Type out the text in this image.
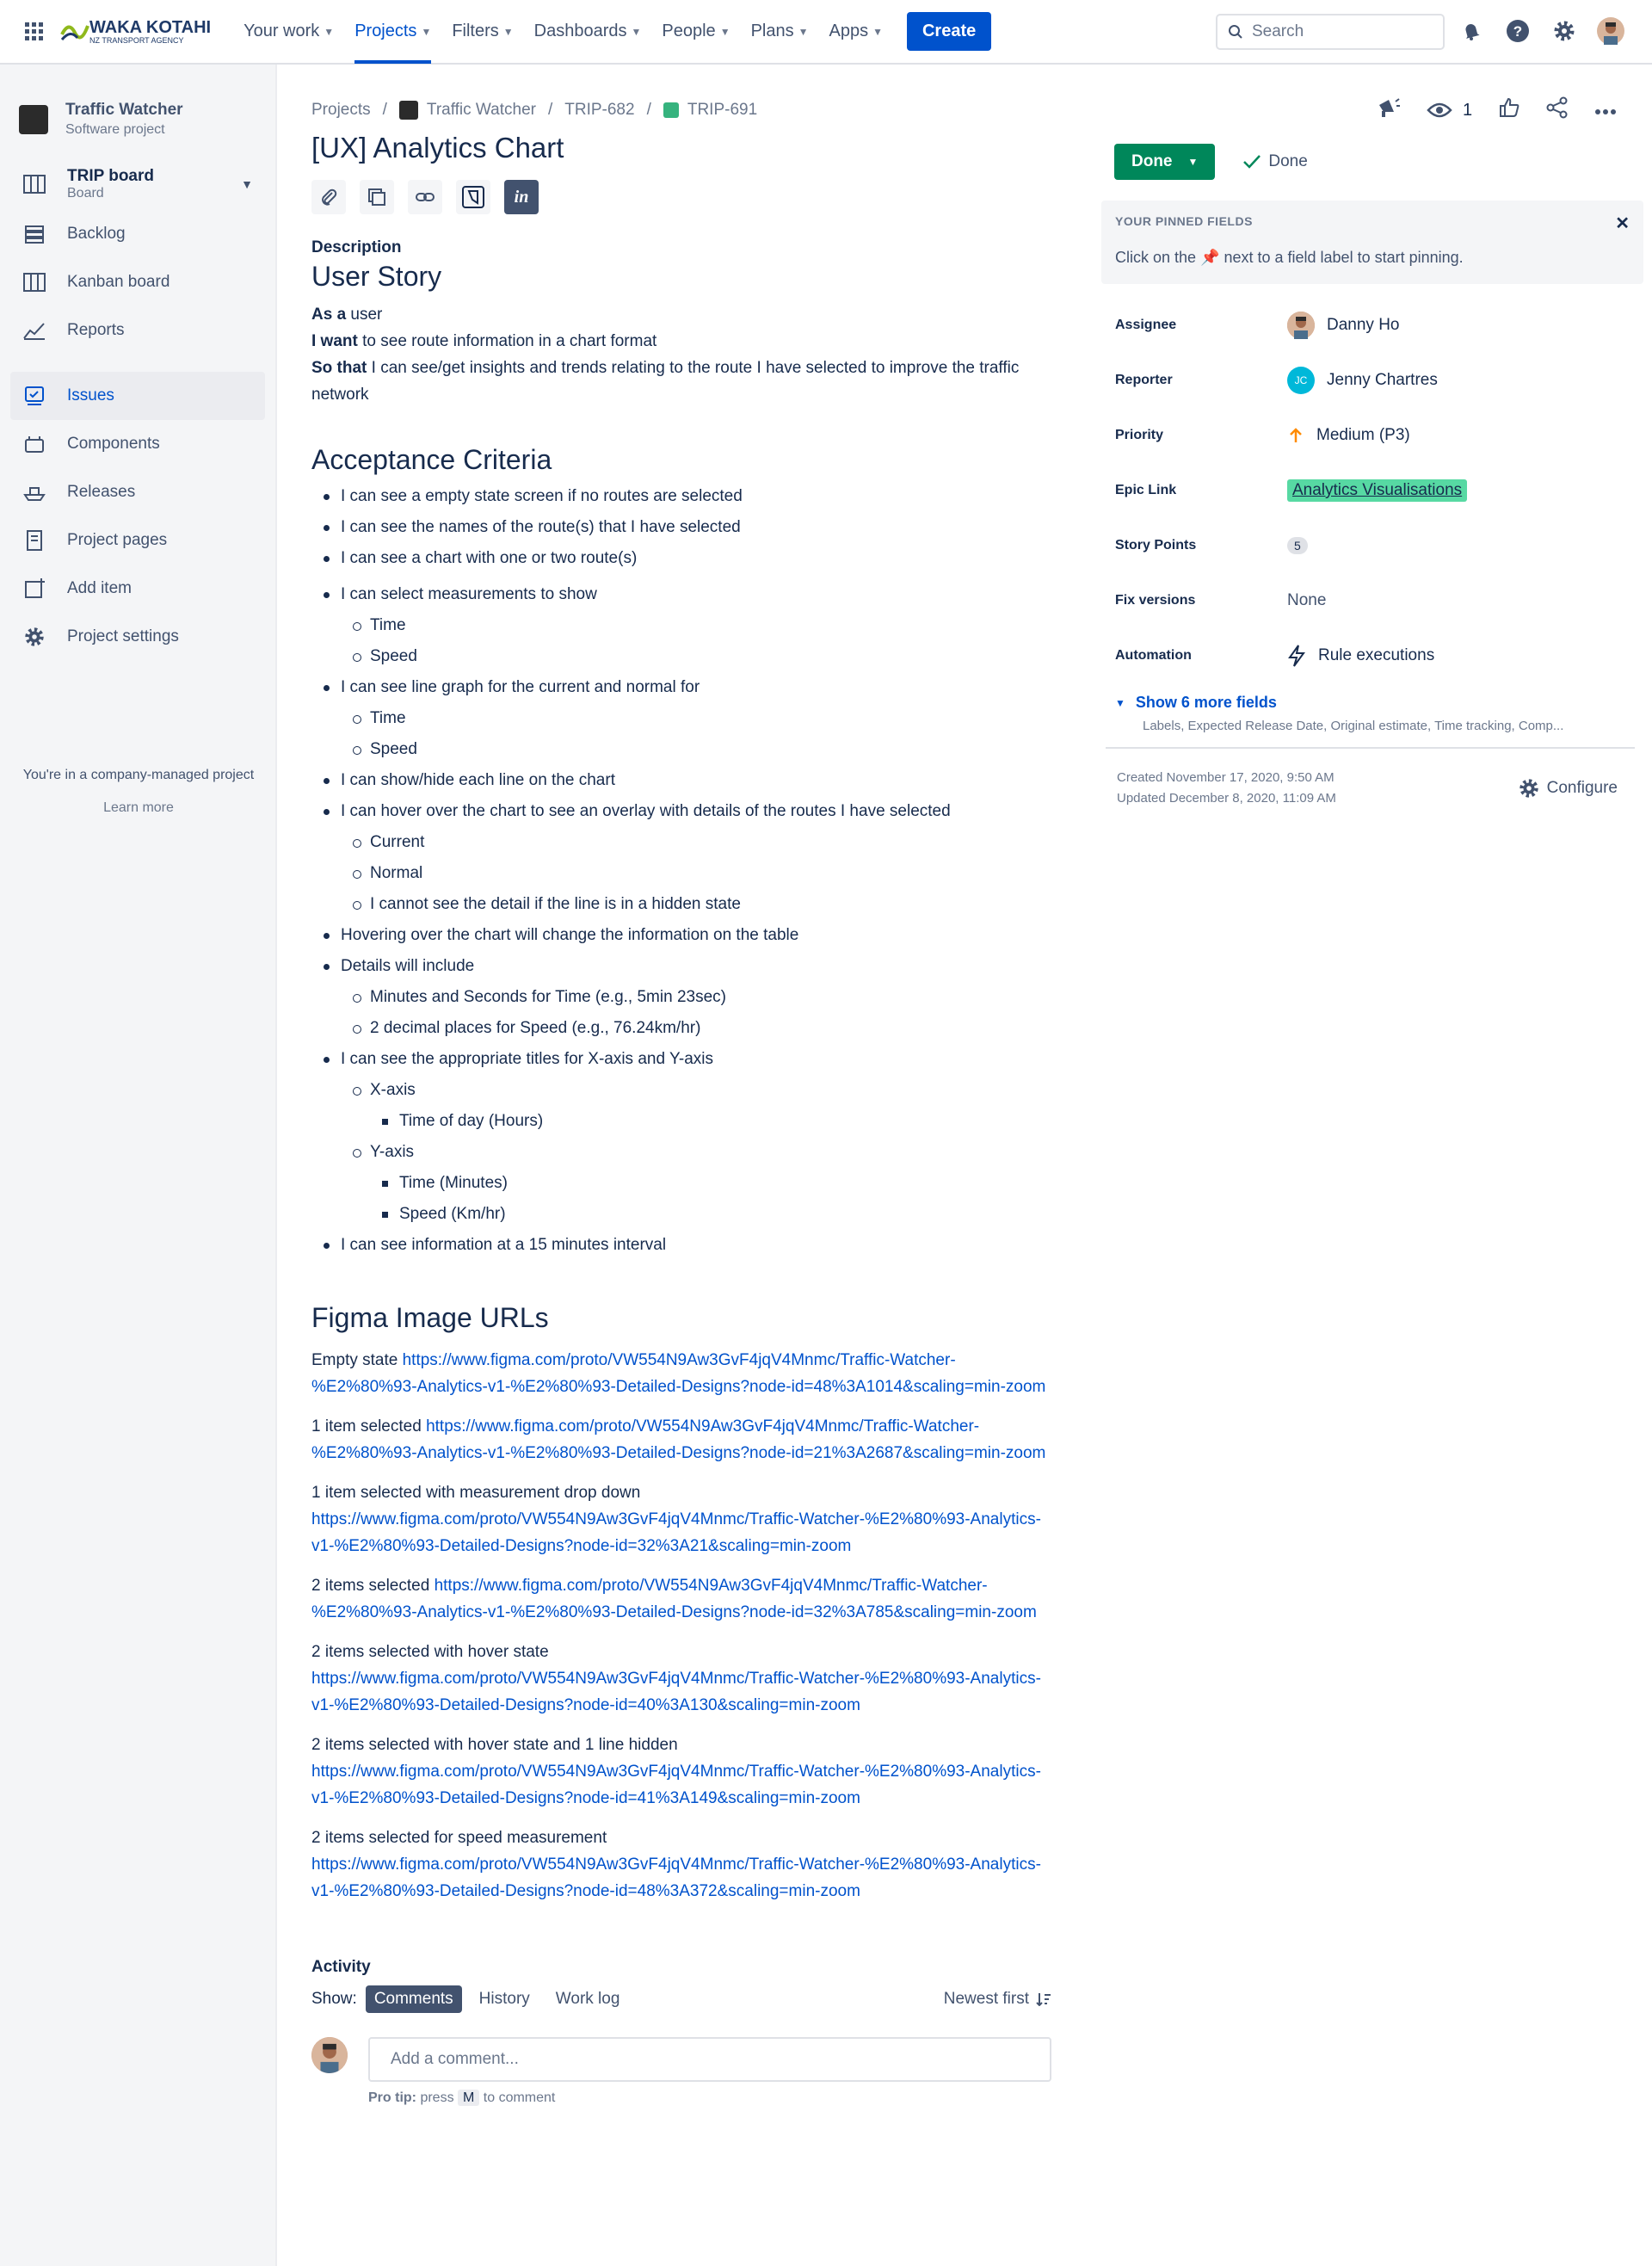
WAKA KOTAHI
NZ TRANSPORT AGENCY	Your work ▼ Projects ▼ Filters ▼ Dashboards ▼ People ▼ Plans ▼ Apps ▼	Create	Search	?
Traffic Watcher
Software project
TRIP board
Board
▼
Backlog
Kanban board
Reports
Issues
Components
Releases
Project pages
Add item
Project settings
You're in a company-managed project
Learn more
Projects / Traffic Watcher / TRIP-682 / TRIP-691
[UX] Analytics Chart
in
Description
User Story

As a user

I want to see route information in a chart format

So that I can see/get insights and trends relating to the route I have selected to improve the traffic network

Acceptance Criteria
I can see a empty state screen if no routes are selected
I can see the names of the route(s) that I have selected
I can see a chart with one or two route(s)
I can select measurements to show
Time
Speed
I can see line graph for the current and normal for
Time
Speed
I can show/hide each line on the chart
I can hover over the chart to see an overlay with details of the routes I have selected
Current
Normal
I cannot see the detail if the line is in a hidden state
Hovering over the chart will change the information on the table
Details will include
Minutes and Seconds for Time (e.g., 5min 23sec)
2 decimal places for Speed (e.g., 76.24km/hr)
I can see the appropriate titles for X-axis and Y-axis
X-axis
Time of day (Hours)
Y-axis
Time (Minutes)
Speed (Km/hr)
I can see information at a 15 minutes interval
Figma Image URLs

Empty state https://www.figma.com/proto/VW554N9Aw3GvF4jqV4Mnmc/Traffic-Watcher-%E2%80%93-Analytics-v1-%E2%80%93-Detailed-Designs?node-id=48%3A1014&scaling=min-zoom

1 item selected https://www.figma.com/proto/VW554N9Aw3GvF4jqV4Mnmc/Traffic-Watcher-%E2%80%93-Analytics-v1-%E2%80%93-Detailed-Designs?node-id=21%3A2687&scaling=min-zoom

1 item selected with measurement drop down
https://www.figma.com/proto/VW554N9Aw3GvF4jqV4Mnmc/Traffic-Watcher-%E2%80%93-Analytics-v1-%E2%80%93-Detailed-Designs?node-id=32%3A21&scaling=min-zoom

2 items selected https://www.figma.com/proto/VW554N9Aw3GvF4jqV4Mnmc/Traffic-Watcher-%E2%80%93-Analytics-v1-%E2%80%93-Detailed-Designs?node-id=32%3A785&scaling=min-zoom

2 items selected with hover state
https://www.figma.com/proto/VW554N9Aw3GvF4jqV4Mnmc/Traffic-Watcher-%E2%80%93-Analytics-v1-%E2%80%93-Detailed-Designs?node-id=40%3A130&scaling=min-zoom

2 items selected with hover state and 1 line hidden
https://www.figma.com/proto/VW554N9Aw3GvF4jqV4Mnmc/Traffic-Watcher-%E2%80%93-Analytics-v1-%E2%80%93-Detailed-Designs?node-id=41%3A149&scaling=min-zoom

2 items selected for speed measurement
https://www.figma.com/proto/VW554N9Aw3GvF4jqV4Mnmc/Traffic-Watcher-%E2%80%93-Analytics-v1-%E2%80%93-Detailed-Designs?node-id=48%3A372&scaling=min-zoom

Activity
Show:	Comments	History	Work log	Newest first
Add a comment...
Pro tip: press M to comment
1
Done ▼	Done
YOUR PINNED FIELDS	✕
Click on the 📌 next to a field label to start pinning.
Assignee	Danny Ho
Reporter	JC	Jenny Chartres
Priority	Medium (P3)
Epic Link	Analytics Visualisations
Story Points	5
Fix versions	None
Automation	Rule executions
▼ Show 6 more fields
Labels, Expected Release Date, Original estimate, Time tracking, Comp...
Created November 17, 2020, 9:50 AM
Updated December 8, 2020, 11:09 AM
Configure
